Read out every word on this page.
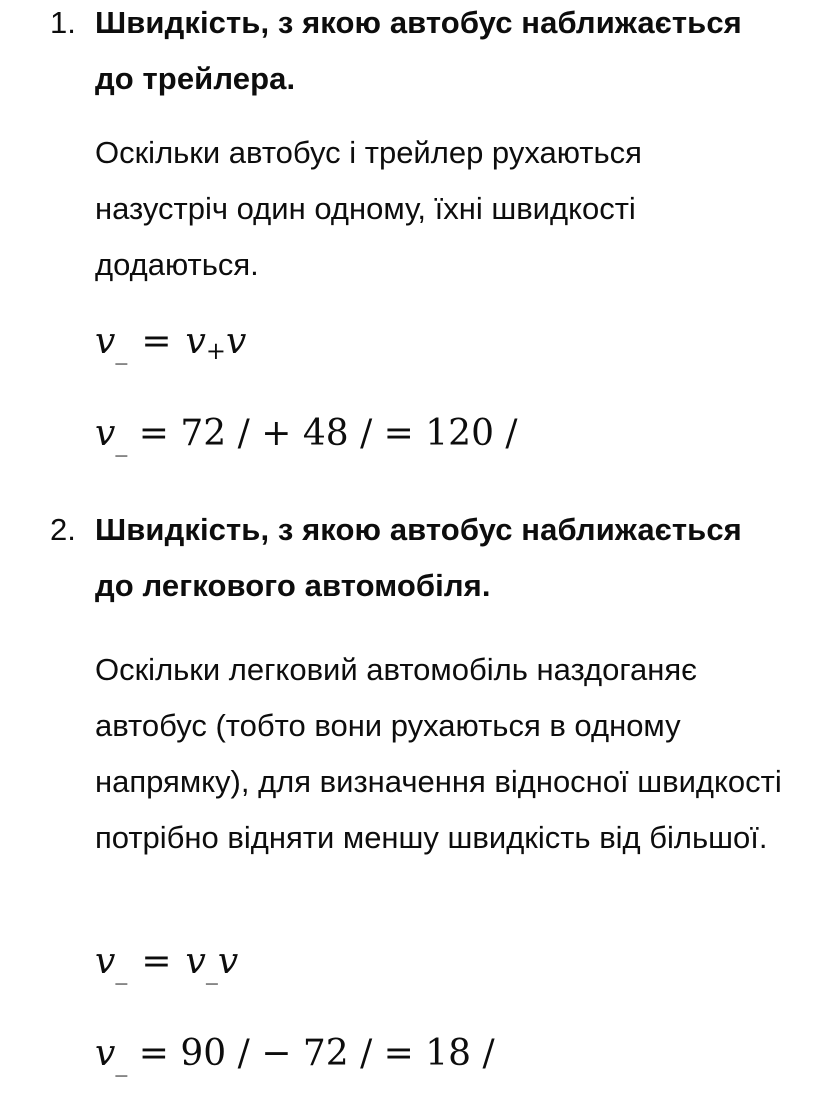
1. Швидкість, з якою автобус наближається до трейлера.

Оскільки автобус і трейлер рухаються назустріч один одному, їхні швидкості додаються.

v_ = v+v
v_ = 72 / + 48 / = 120 /
2. Швидкість, з якою автобус наближається до легкового автомобіля.

Оскільки легковий автомобіль наздоганяє автобус (тобто вони рухаються в одному напрямку), для визначення відносної швидкості потрібно відняти меншу швидкість від більшої.

v_ = v_v
v_ = 90 / − 72 / = 18 /
